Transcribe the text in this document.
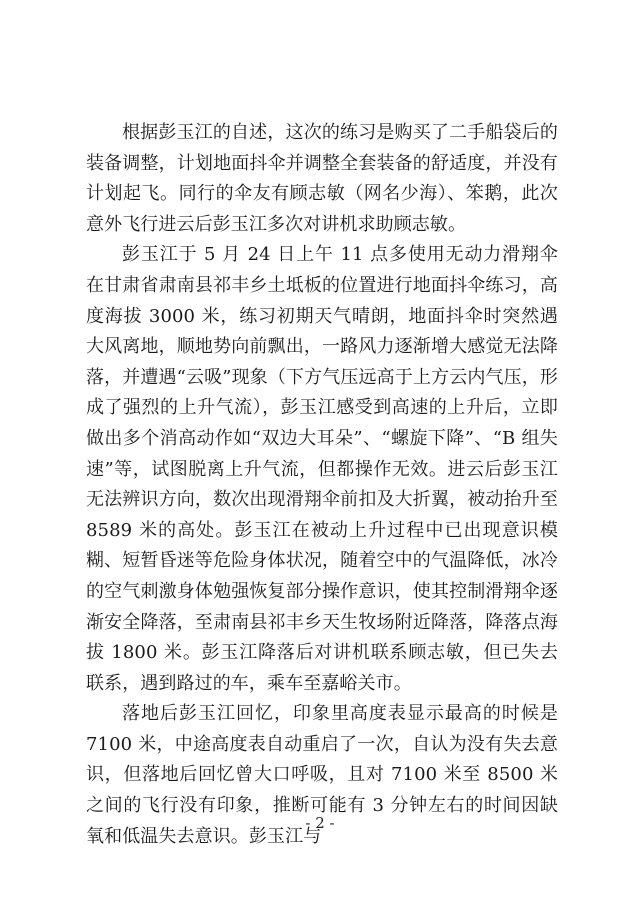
根据彭玉江的自述，这次的练习是购买了二手船袋后的装备调整，计划地面抖伞并调整全套装备的舒适度，并没有计划起飞。同行的伞友有顾志敏（网名少海）、笨鹅，此次意外飞行进云后彭玉江多次对讲机求助顾志敏。

彭玉江于 5 月 24 日上午 11 点多使用无动力滑翔伞在甘肃省肃南县祁丰乡土坻板的位置进行地面抖伞练习，高度海拔 3000 米，练习初期天气晴朗，地面抖伞时突然遇大风离地，顺地势向前飘出，一路风力逐渐增大感觉无法降落，并遭遇“云吸”现象（下方气压远高于上方云内气压，形成了强烈的上升气流），彭玉江感受到高速的上升后，立即做出多个消高动作如“双边大耳朵”、“螺旋下降”、“B 组失速”等，试图脱离上升气流，但都操作无效。进云后彭玉江无法辨识方向，数次出现滑翔伞前扣及大折翼，被动抬升至 8589 米的高处。彭玉江在被动上升过程中已出现意识模糊、短暂昏迷等危险身体状况，随着空中的气温降低，冰冷的空气刺激身体勉强恢复部分操作意识，使其控制滑翔伞逐渐安全降落，至肃南县祁丰乡天生牧场附近降落，降落点海拔 1800 米。彭玉江降落后对讲机联系顾志敏，但已失去联系，遇到路过的车，乘车至嘉峪关市。

落地后彭玉江回忆，印象里高度表显示最高的时候是 7100 米，中途高度表自动重启了一次，自认为没有失去意识，但落地后回忆曾大口呼吸，且对 7100 米至 8500 米之间的飞行没有印象，推断可能有 3 分钟左右的时间因缺氧和低温失去意识。彭玉江与

- 2 -
